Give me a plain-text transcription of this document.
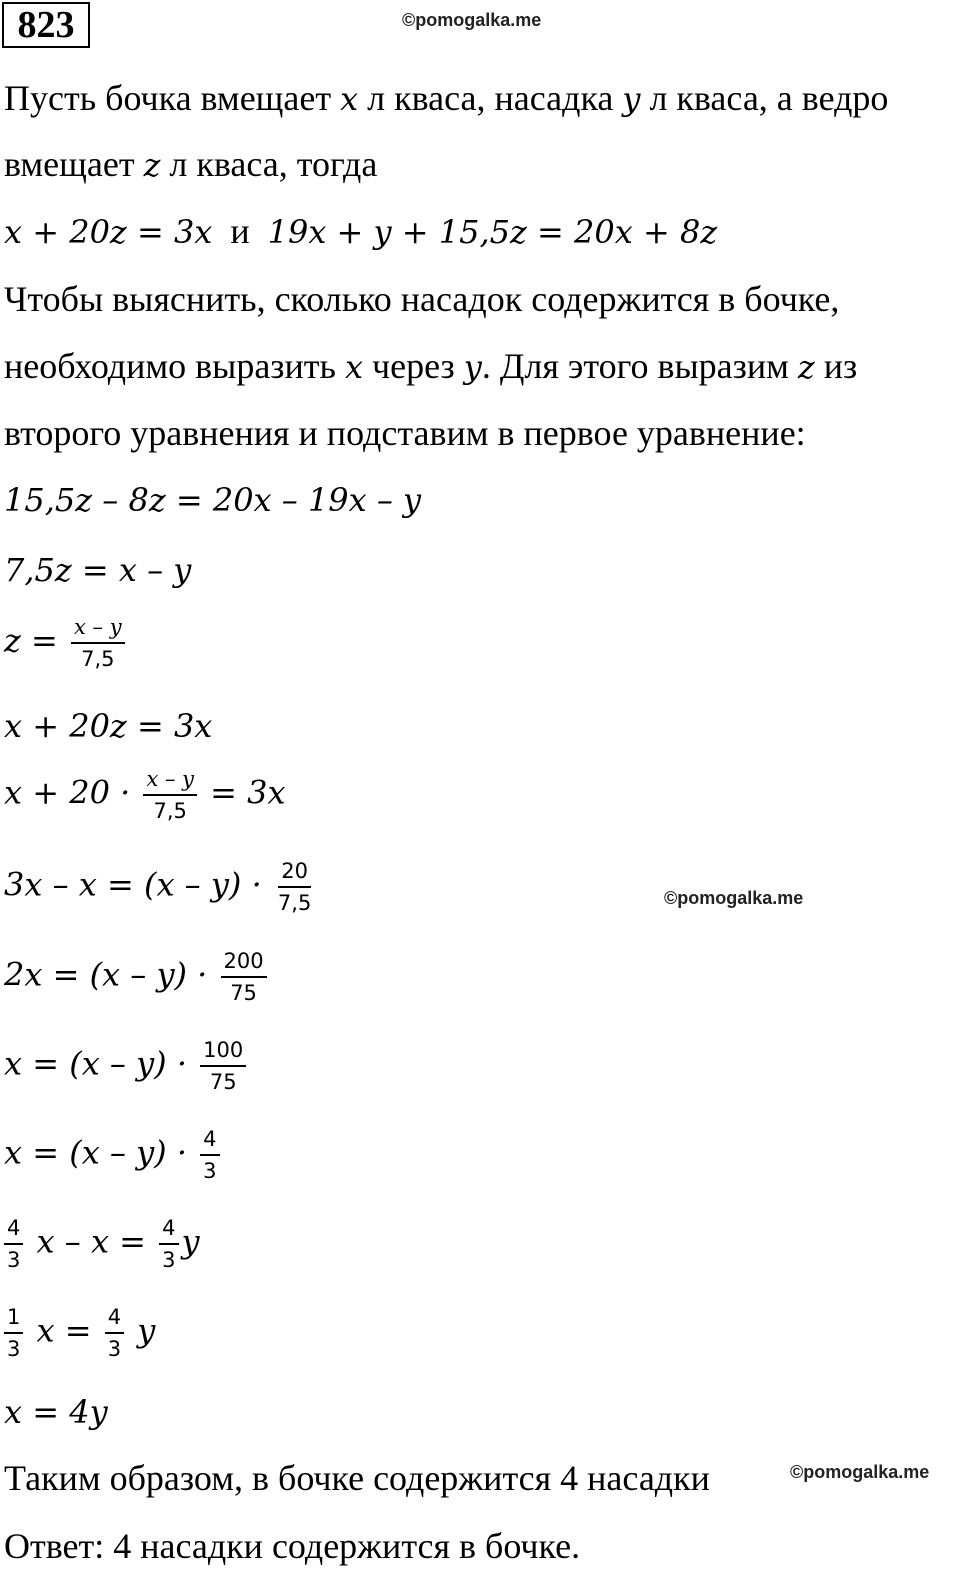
823	©pomogalka.me
Пусть бочка вмещает x л кваса, насадка y л кваса, а ведро
вмещает z л кваса, тогда
x + 20z = 3x и 19x + y + 15,5z = 20x + 8z
Чтобы выяснить, сколько насадок содержится в бочке,
необходимо выразить x через y. Для этого выразим z из
второго уравнения и подставим в первое уравнение:
15,5z – 8z = 20x – 19x – y
7,5z = x – y
$z = \frac{x - y}{7,5}$
x + 20z = 3x
$x + 20 \cdot \frac{x - y}{7,5} = 3x$
$3x - x = (x - y) \cdot \frac{20}{7,5}$	©pomogalka.me
$2x = (x - y) \cdot \frac{200}{75}$
$x = (x - y) \cdot \frac{100}{75}$
$x = (x - y) \cdot \frac{4}{3}$
$\frac{4}{3}$ $x - x = \frac{4}{3}$ y
$\frac{1}{3}$ $x = \frac{4}{3}$ y
x = 4y
Таким образом, в бочке содержится 4 насадки	©pomogalka.me
Ответ: 4 насадки содержится в бочке.
